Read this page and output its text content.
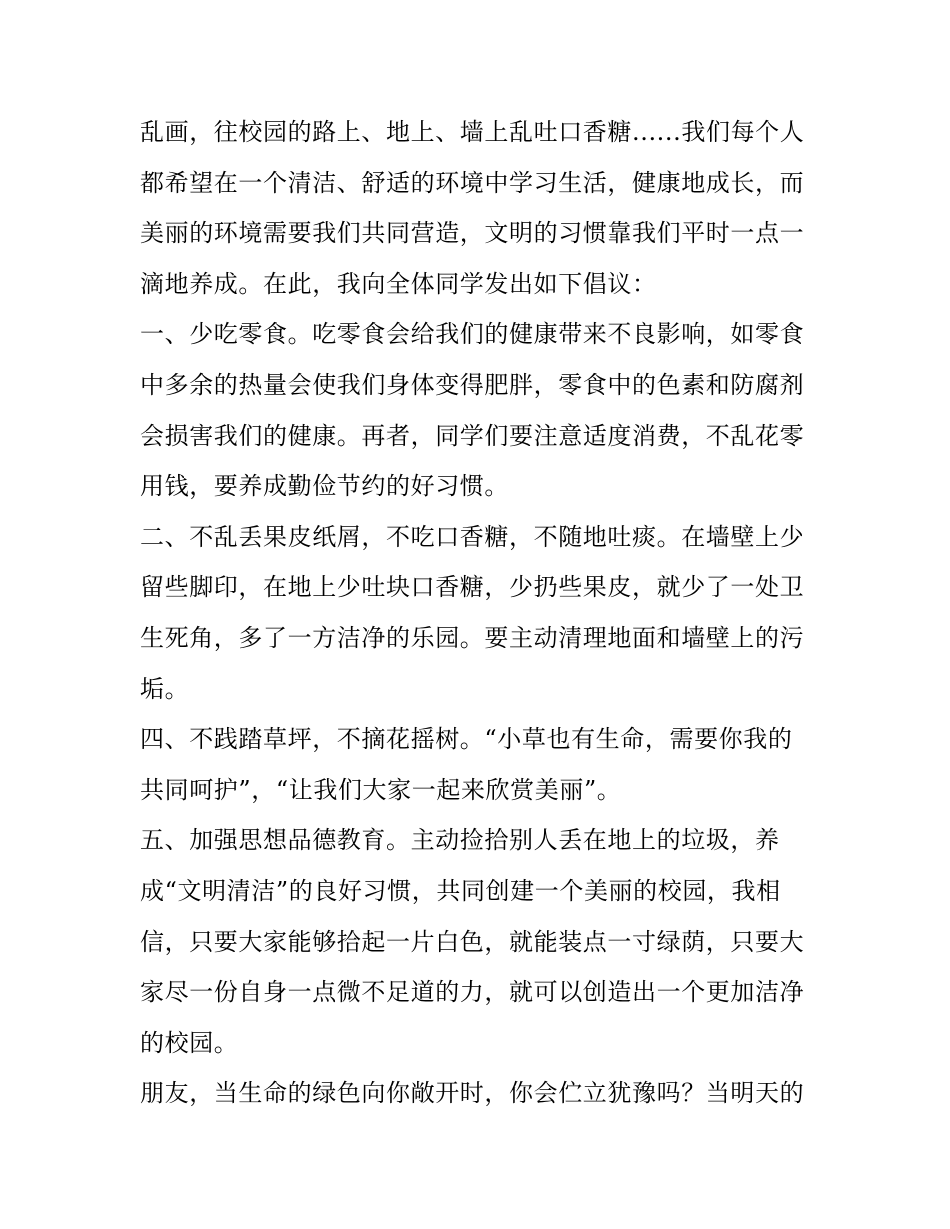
乱画，往校园的路上、地上、墙上乱吐口香糖......我们每个人
都希望在一个清洁、舒适的环境中学习生活，健康地成长，而
美丽的环境需要我们共同营造，文明的习惯靠我们平时一点一
滴地养成。在此，我向全体同学发出如下倡议：
一、少吃零食。吃零食会给我们的健康带来不良影响，如零食
中多余的热量会使我们身体变得肥胖，零食中的色素和防腐剂
会损害我们的健康。再者，同学们要注意适度消费，不乱花零
用钱，要养成勤俭节约的好习惯。
二、不乱丢果皮纸屑，不吃口香糖，不随地吐痰。在墙壁上少
留些脚印，在地上少吐块口香糖，少扔些果皮，就少了一处卫
生死角，多了一方洁净的乐园。要主动清理地面和墙壁上的污
垢。
四、不践踏草坪，不摘花摇树。“小草也有生命，需要你我的
共同呵护”，“让我们大家一起来欣赏美丽”。
五、加强思想品德教育。主动捡拾别人丢在地上的垃圾，养
成“文明清洁”的良好习惯，共同创建一个美丽的校园，我相
信，只要大家能够拾起一片白色，就能装点一寸绿荫，只要大
家尽一份自身一点微不足道的力，就可以创造出一个更加洁净
的校园。
朋友，当生命的绿色向你敞开时，你会伫立犹豫吗？当明天的
